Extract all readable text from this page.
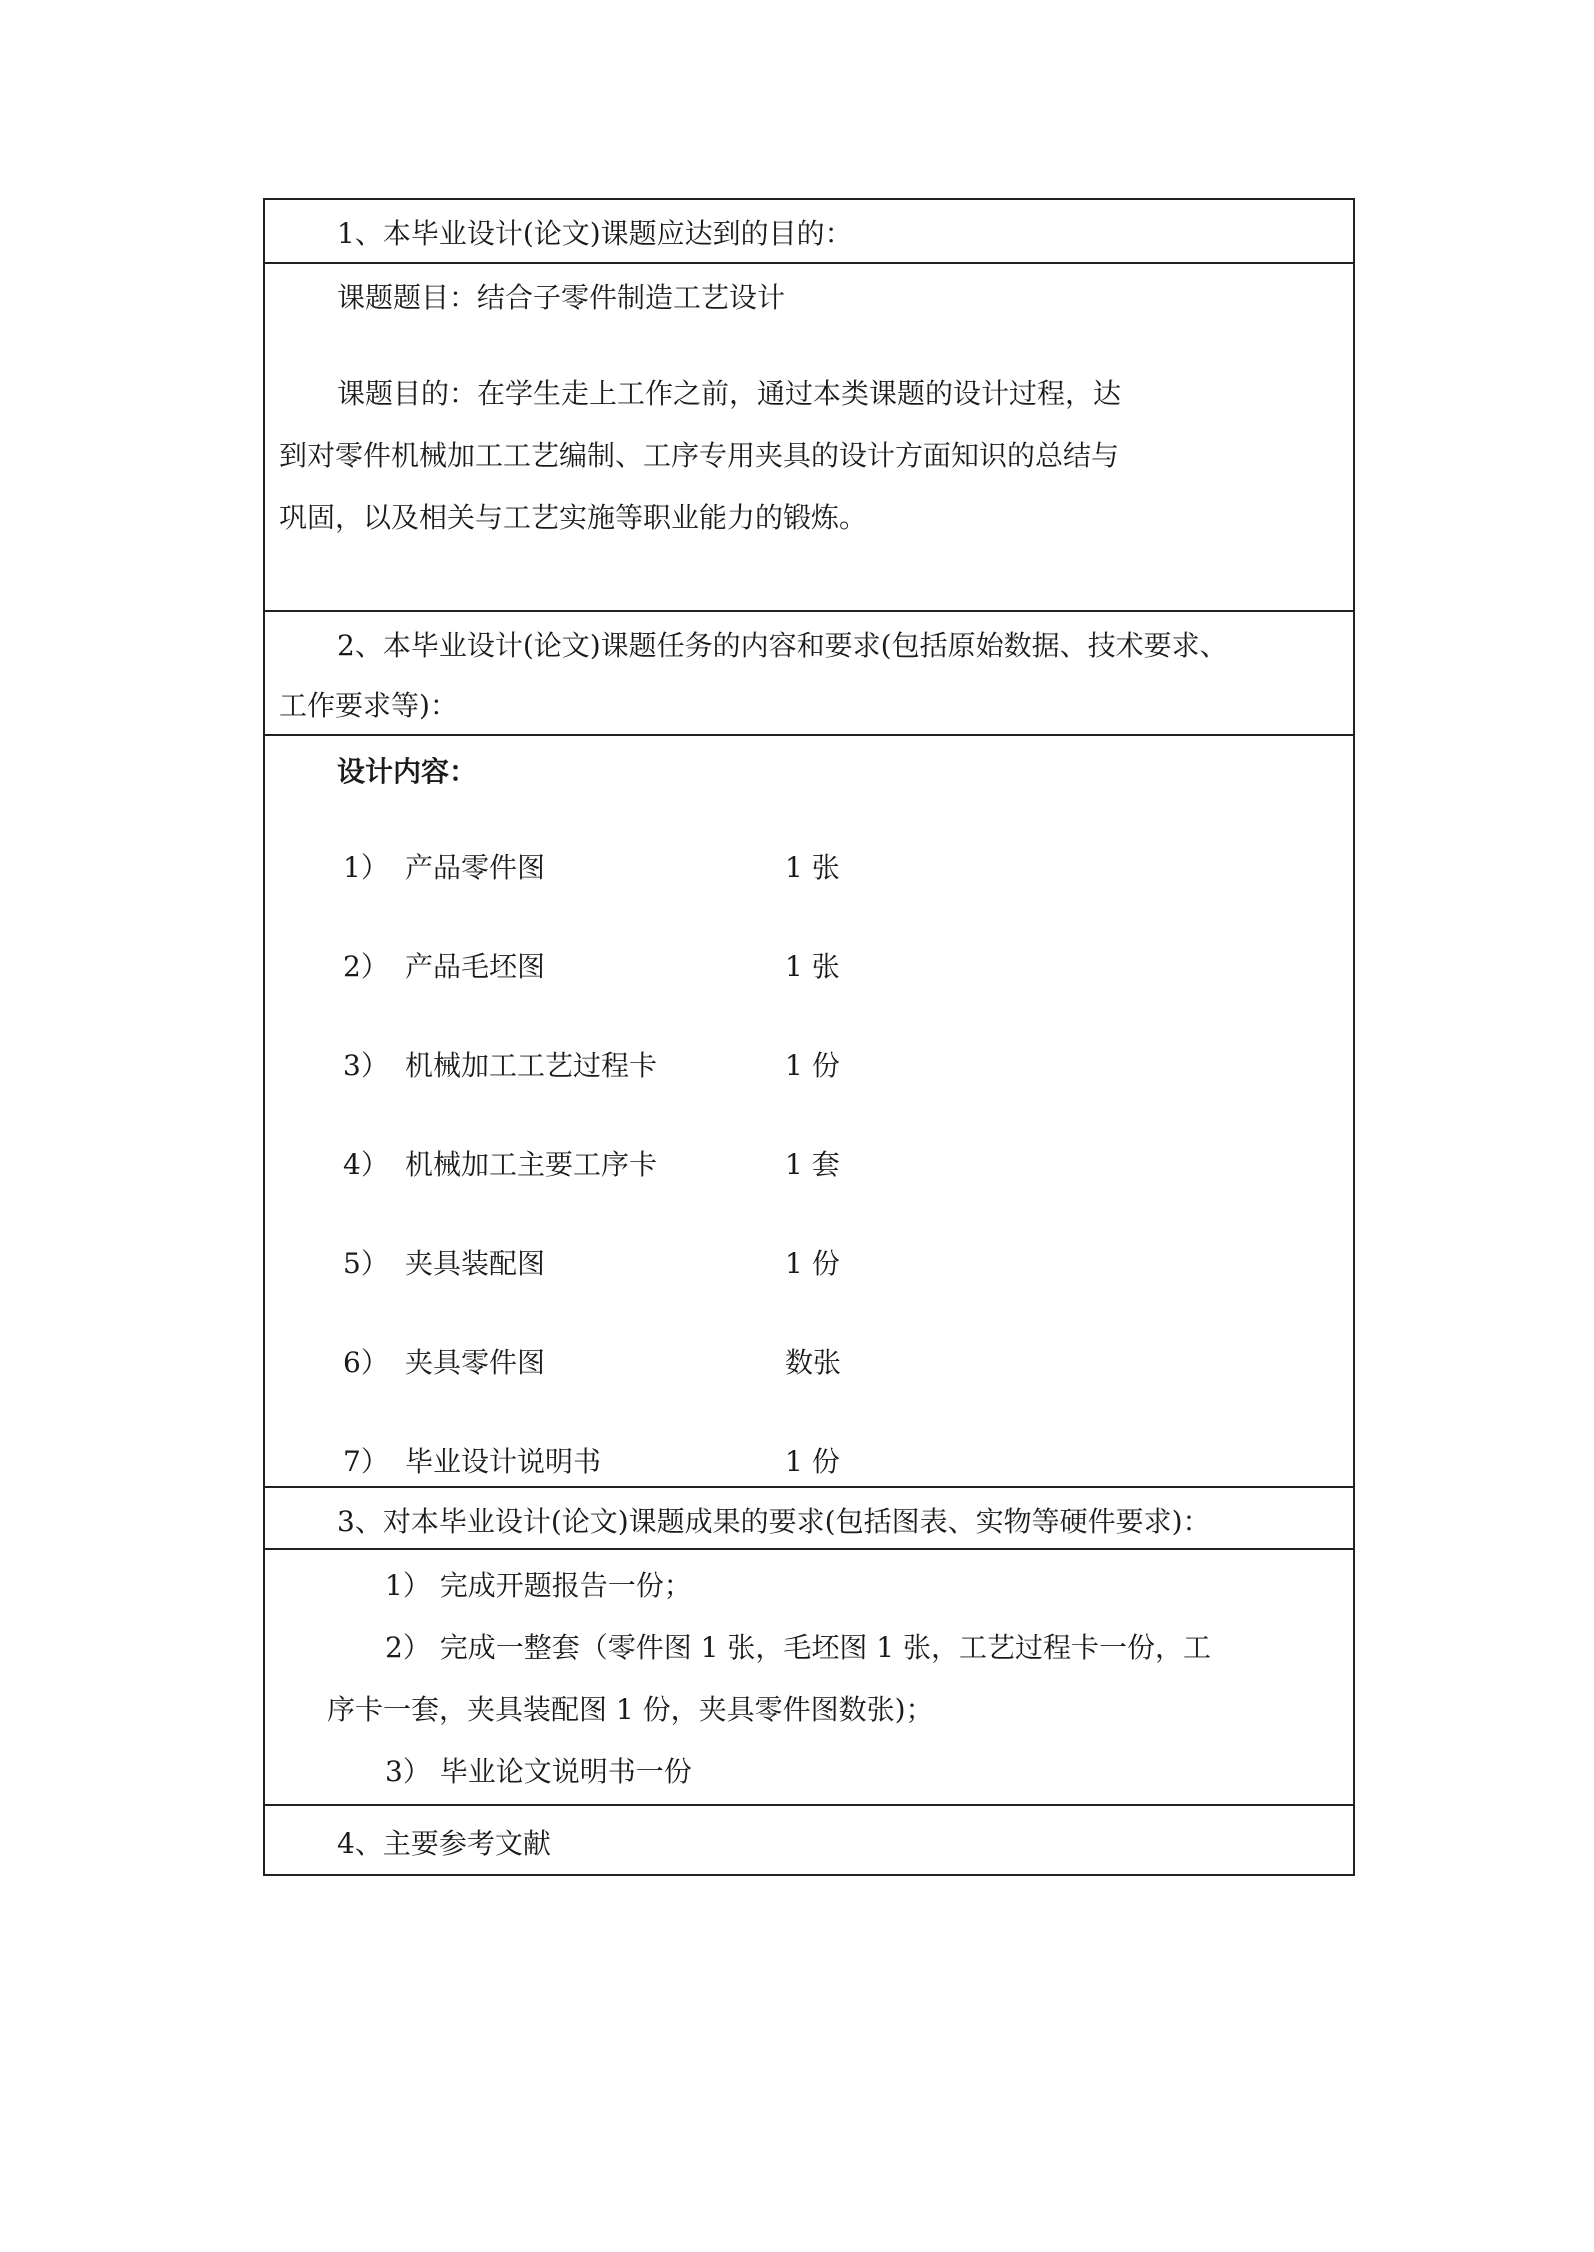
1、本毕业设计(论文)课题应达到的目的：
课题题目：结合子零件制造工艺设计
课题目的：在学生走上工作之前，通过本类课题的设计过程，达
到对零件机械加工工艺编制、工序专用夹具的设计方面知识的总结与
巩固，以及相关与工艺实施等职业能力的锻炼。
2、本毕业设计(论文)课题任务的内容和要求(包括原始数据、技术要求、
工作要求等)：
设计内容：
1） 产品零件图	1 张
2） 产品毛坯图	1 张
3） 机械加工工艺过程卡	1 份
4） 机械加工主要工序卡	1 套
5） 夹具装配图	1 份
6） 夹具零件图	数张
7） 毕业设计说明书	1 份
3、对本毕业设计(论文)课题成果的要求(包括图表、实物等硬件要求)：
1） 完成开题报告一份；
2） 完成一整套（零件图 1 张，毛坯图 1 张，工艺过程卡一份，工
序卡一套，夹具装配图 1 份，夹具零件图数张)；
3） 毕业论文说明书一份
4、主要参考文献
